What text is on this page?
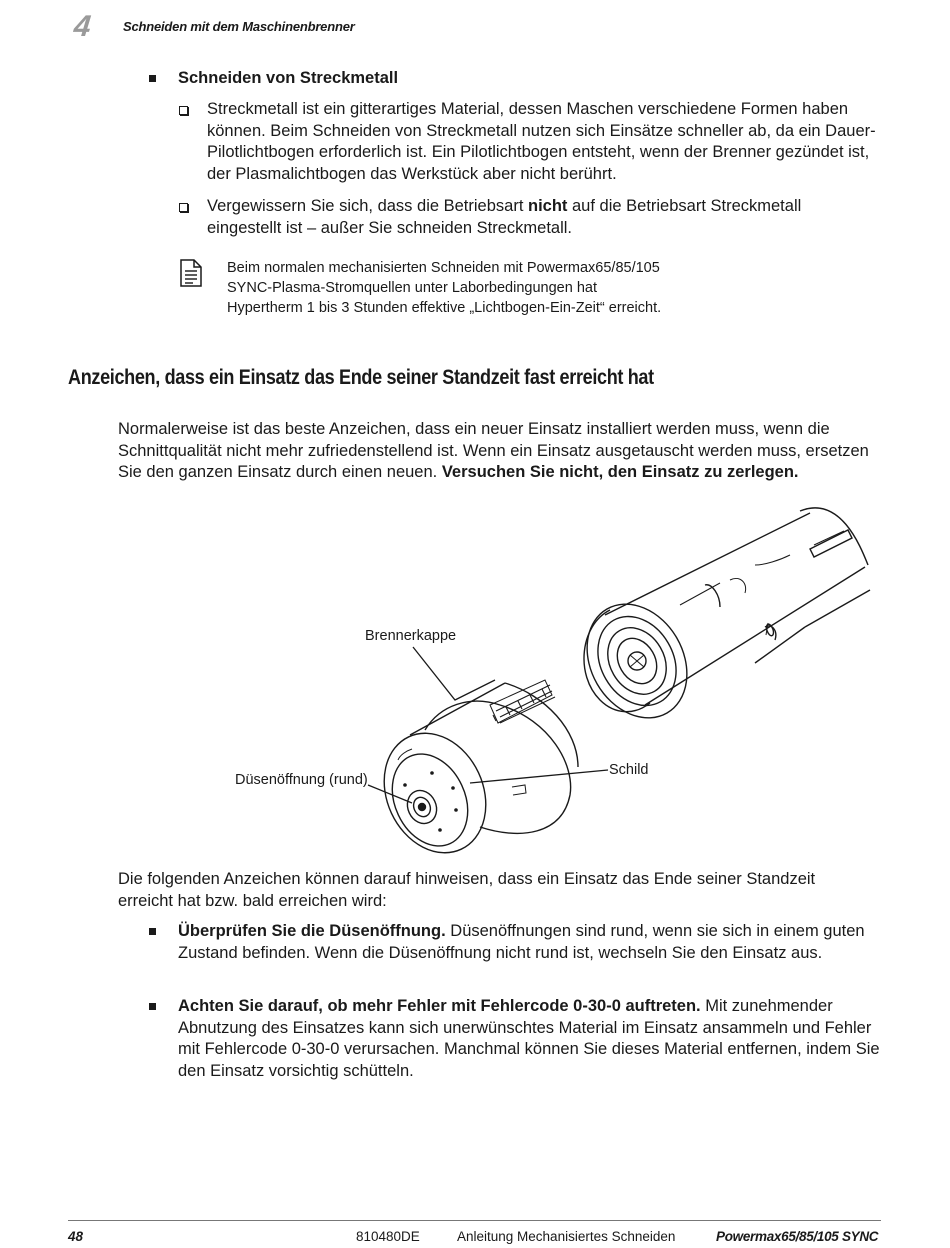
4 Schneiden mit dem Maschinenbrenner
Schneiden von Streckmetall
Streckmetall ist ein gitterartiges Material, dessen Maschen verschiedene Formen haben können. Beim Schneiden von Streckmetall nutzen sich Einsätze schneller ab, da ein Dauer-Pilotlichtbogen erforderlich ist. Ein Pilotlichtbogen entsteht, wenn der Brenner gezündet ist, der Plasmalichtbogen das Werkstück aber nicht berührt.
Vergewissern Sie sich, dass die Betriebsart nicht auf die Betriebsart Streckmetall eingestellt ist – außer Sie schneiden Streckmetall.
Beim normalen mechanisierten Schneiden mit Powermax65/85/105 SYNC-Plasma-Stromquellen unter Laborbedingungen hat Hypertherm 1 bis 3 Stunden effektive „Lichtbogen-Ein-Zeit“ erreicht.
Anzeichen, dass ein Einsatz das Ende seiner Standzeit fast erreicht hat
Normalerweise ist das beste Anzeichen, dass ein neuer Einsatz installiert werden muss, wenn die Schnittqualität nicht mehr zufriedenstellend ist. Wenn ein Einsatz ausgetauscht werden muss, ersetzen Sie den ganzen Einsatz durch einen neuen. Versuchen Sie nicht, den Einsatz zu zerlegen.
Brennerkappe
Düsenöffnung (rund)
Schild
Die folgenden Anzeichen können darauf hinweisen, dass ein Einsatz das Ende seiner Standzeit erreicht hat bzw. bald erreichen wird:
Überprüfen Sie die Düsenöffnung. Düsenöffnungen sind rund, wenn sie sich in einem guten Zustand befinden. Wenn die Düsenöffnung nicht rund ist, wechseln Sie den Einsatz aus.
Achten Sie darauf, ob mehr Fehler mit Fehlercode 0-30-0 auftreten. Mit zunehmender Abnutzung des Einsatzes kann sich unerwünschtes Material im Einsatz ansammeln und Fehler mit Fehlercode 0-30-0 verursachen. Manchmal können Sie dieses Material entfernen, indem Sie den Einsatz vorsichtig schütteln.
48	810480DE	Anleitung Mechanisiertes Schneiden	Powermax65/85/105 SYNC
